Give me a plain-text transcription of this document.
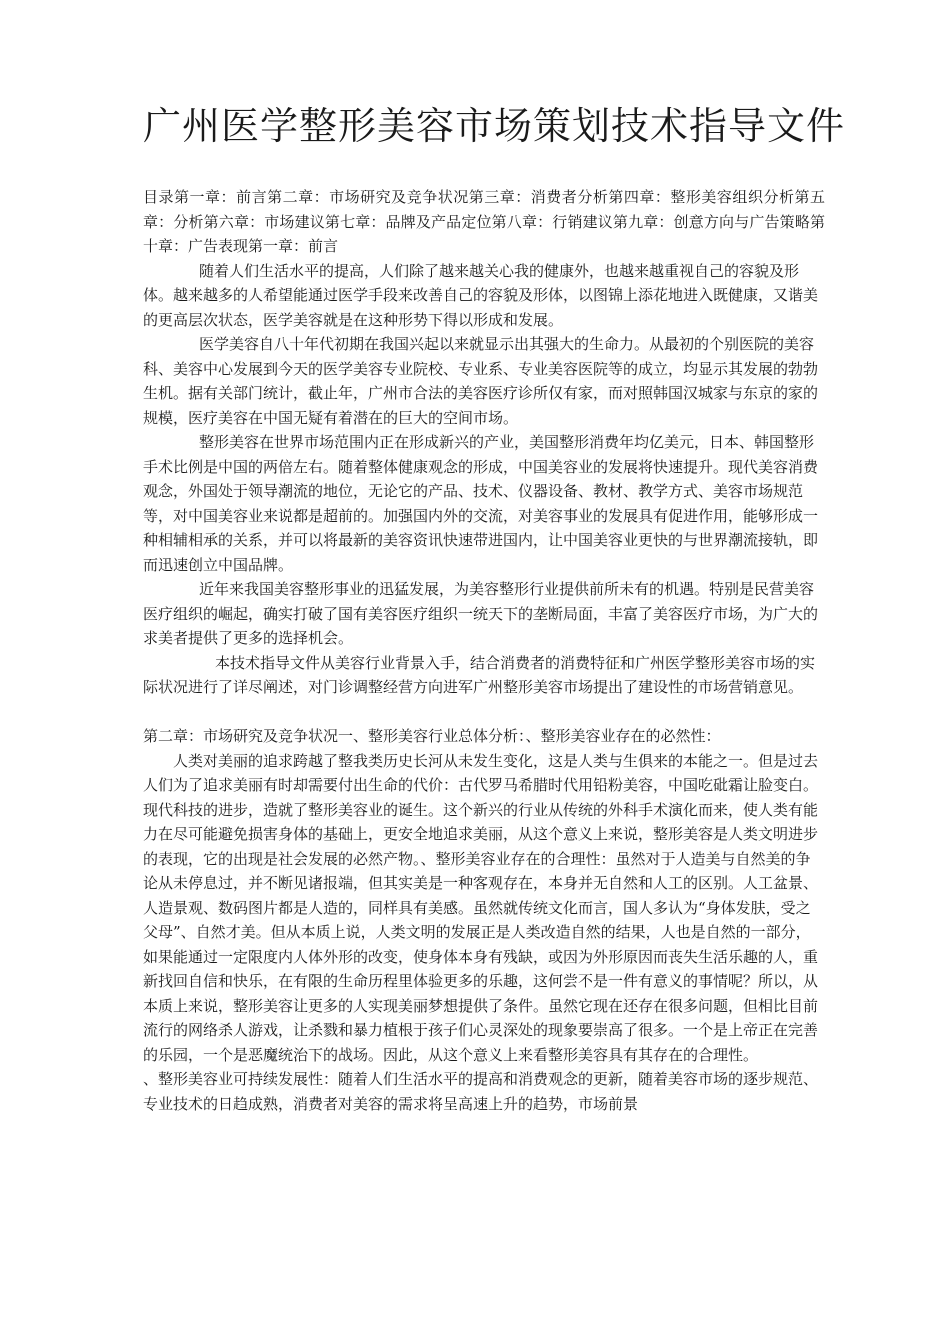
广州医学整形美容市场策划技术指导文件

目录第一章：前言第二章：市场研究及竞争状况第三章：消费者分析第四章：整形美容组织分析第五章：分析第六章：市场建议第七章：品牌及产品定位第八章：行销建议第九章：创意方向与广告策略第十章：广告表现第一章：前言

随着人们生活水平的提高，人们除了越来越关心我的健康外，也越来越重视自己的容貌及形体。越来越多的人希望能通过医学手段来改善自己的容貌及形体，以图锦上添花地进入既健康，又谐美的更高层次状态，医学美容就是在这种形势下得以形成和发展。

医学美容自八十年代初期在我国兴起以来就显示出其强大的生命力。从最初的个别医院的美容科、美容中心发展到今天的医学美容专业院校、专业系、专业美容医院等的成立，均显示其发展的勃勃生机。据有关部门统计，截止年，广州市合法的美容医疗诊所仅有家，而对照韩国汉城家与东京的家的规模，医疗美容在中国无疑有着潜在的巨大的空间市场。

整形美容在世界市场范围内正在形成新兴的产业，美国整形消费年均亿美元，日本、韩国整形手术比例是中国的两倍左右。随着整体健康观念的形成，中国美容业的发展将快速提升。现代美容消费观念，外国处于领导潮流的地位，无论它的产品、技术、仪器设备、教材、教学方式、美容市场规范等，对中国美容业来说都是超前的。加强国内外的交流，对美容事业的发展具有促进作用，能够形成一种相辅相承的关系，并可以将最新的美容资讯快速带进国内，让中国美容业更快的与世界潮流接轨，即而迅速创立中国品牌。

近年来我国美容整形事业的迅猛发展，为美容整形行业提供前所未有的机遇。特别是民营美容医疗组织的崛起，确实打破了国有美容医疗组织一统天下的垄断局面，丰富了美容医疗市场，为广大的求美者提供了更多的选择机会。

本技术指导文件从美容行业背景入手，结合消费者的消费特征和广州医学整形美容市场的实际状况进行了详尽阐述，对门诊调整经营方向进军广州整形美容市场提出了建设性的市场营销意见。

第二章：市场研究及竞争状况一、整形美容行业总体分析：、整形美容业存在的必然性：

人类对美丽的追求跨越了整我类历史长河从未发生变化，这是人类与生俱来的本能之一。但是过去人们为了追求美丽有时却需要付出生命的代价：古代罗马希腊时代用铅粉美容，中国吃砒霜让脸变白。现代科技的进步，造就了整形美容业的诞生。这个新兴的行业从传统的外科手术演化而来，使人类有能力在尽可能避免损害身体的基础上，更安全地追求美丽，从这个意义上来说，整形美容是人类文明进步的表现，它的出现是社会发展的必然产物。、整形美容业存在的合理性：虽然对于人造美与自然美的争论从未停息过，并不断见诸报端，但其实美是一种客观存在，本身并无自然和人工的区别。人工盆景、人造景观、数码图片都是人造的，同样具有美感。虽然就传统文化而言，国人多认为“身体发肤，受之父母”、自然才美。但从本质上说，人类文明的发展正是人类改造自然的结果，人也是自然的一部分，如果能通过一定限度内人体外形的改变，使身体本身有残缺，或因为外形原因而丧失生活乐趣的人，重新找回自信和快乐，在有限的生命历程里体验更多的乐趣，这何尝不是一件有意义的事情呢？所以，从本质上来说，整形美容让更多的人实现美丽梦想提供了条件。虽然它现在还存在很多问题，但相比目前流行的网络杀人游戏，让杀戮和暴力植根于孩子们心灵深处的现象要崇高了很多。一个是上帝正在完善的乐园，一个是恶魔统治下的战场。因此，从这个意义上来看整形美容具有其存在的合理性。

、整形美容业可持续发展性：随着人们生活水平的提高和消费观念的更新，随着美容市场的逐步规范、专业技术的日趋成熟，消费者对美容的需求将呈高速上升的趋势，市场前景
